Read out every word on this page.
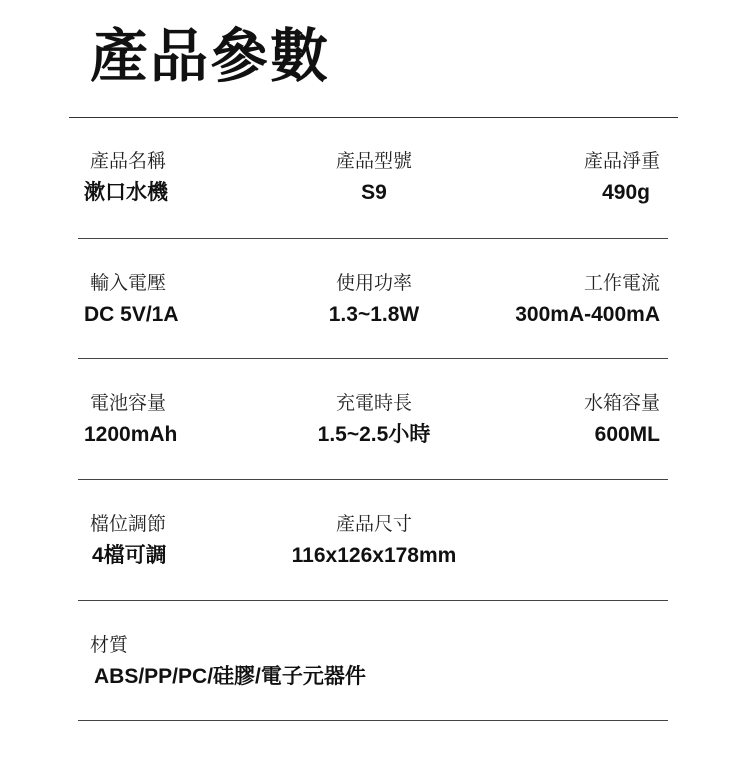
產品參數
產品名稱
漱口水機
產品型號
S9
產品淨重
490g
輸入電壓
DC 5V/1A
使用功率
1.3~1.8W
工作電流
300mA-400mA
電池容量
1200mAh
充電時長
1.5~2.5小時
水箱容量
600ML
檔位調節
4檔可調
產品尺寸
116x126x178mm
材質
ABS/PP/PC/硅膠/電子元器件
